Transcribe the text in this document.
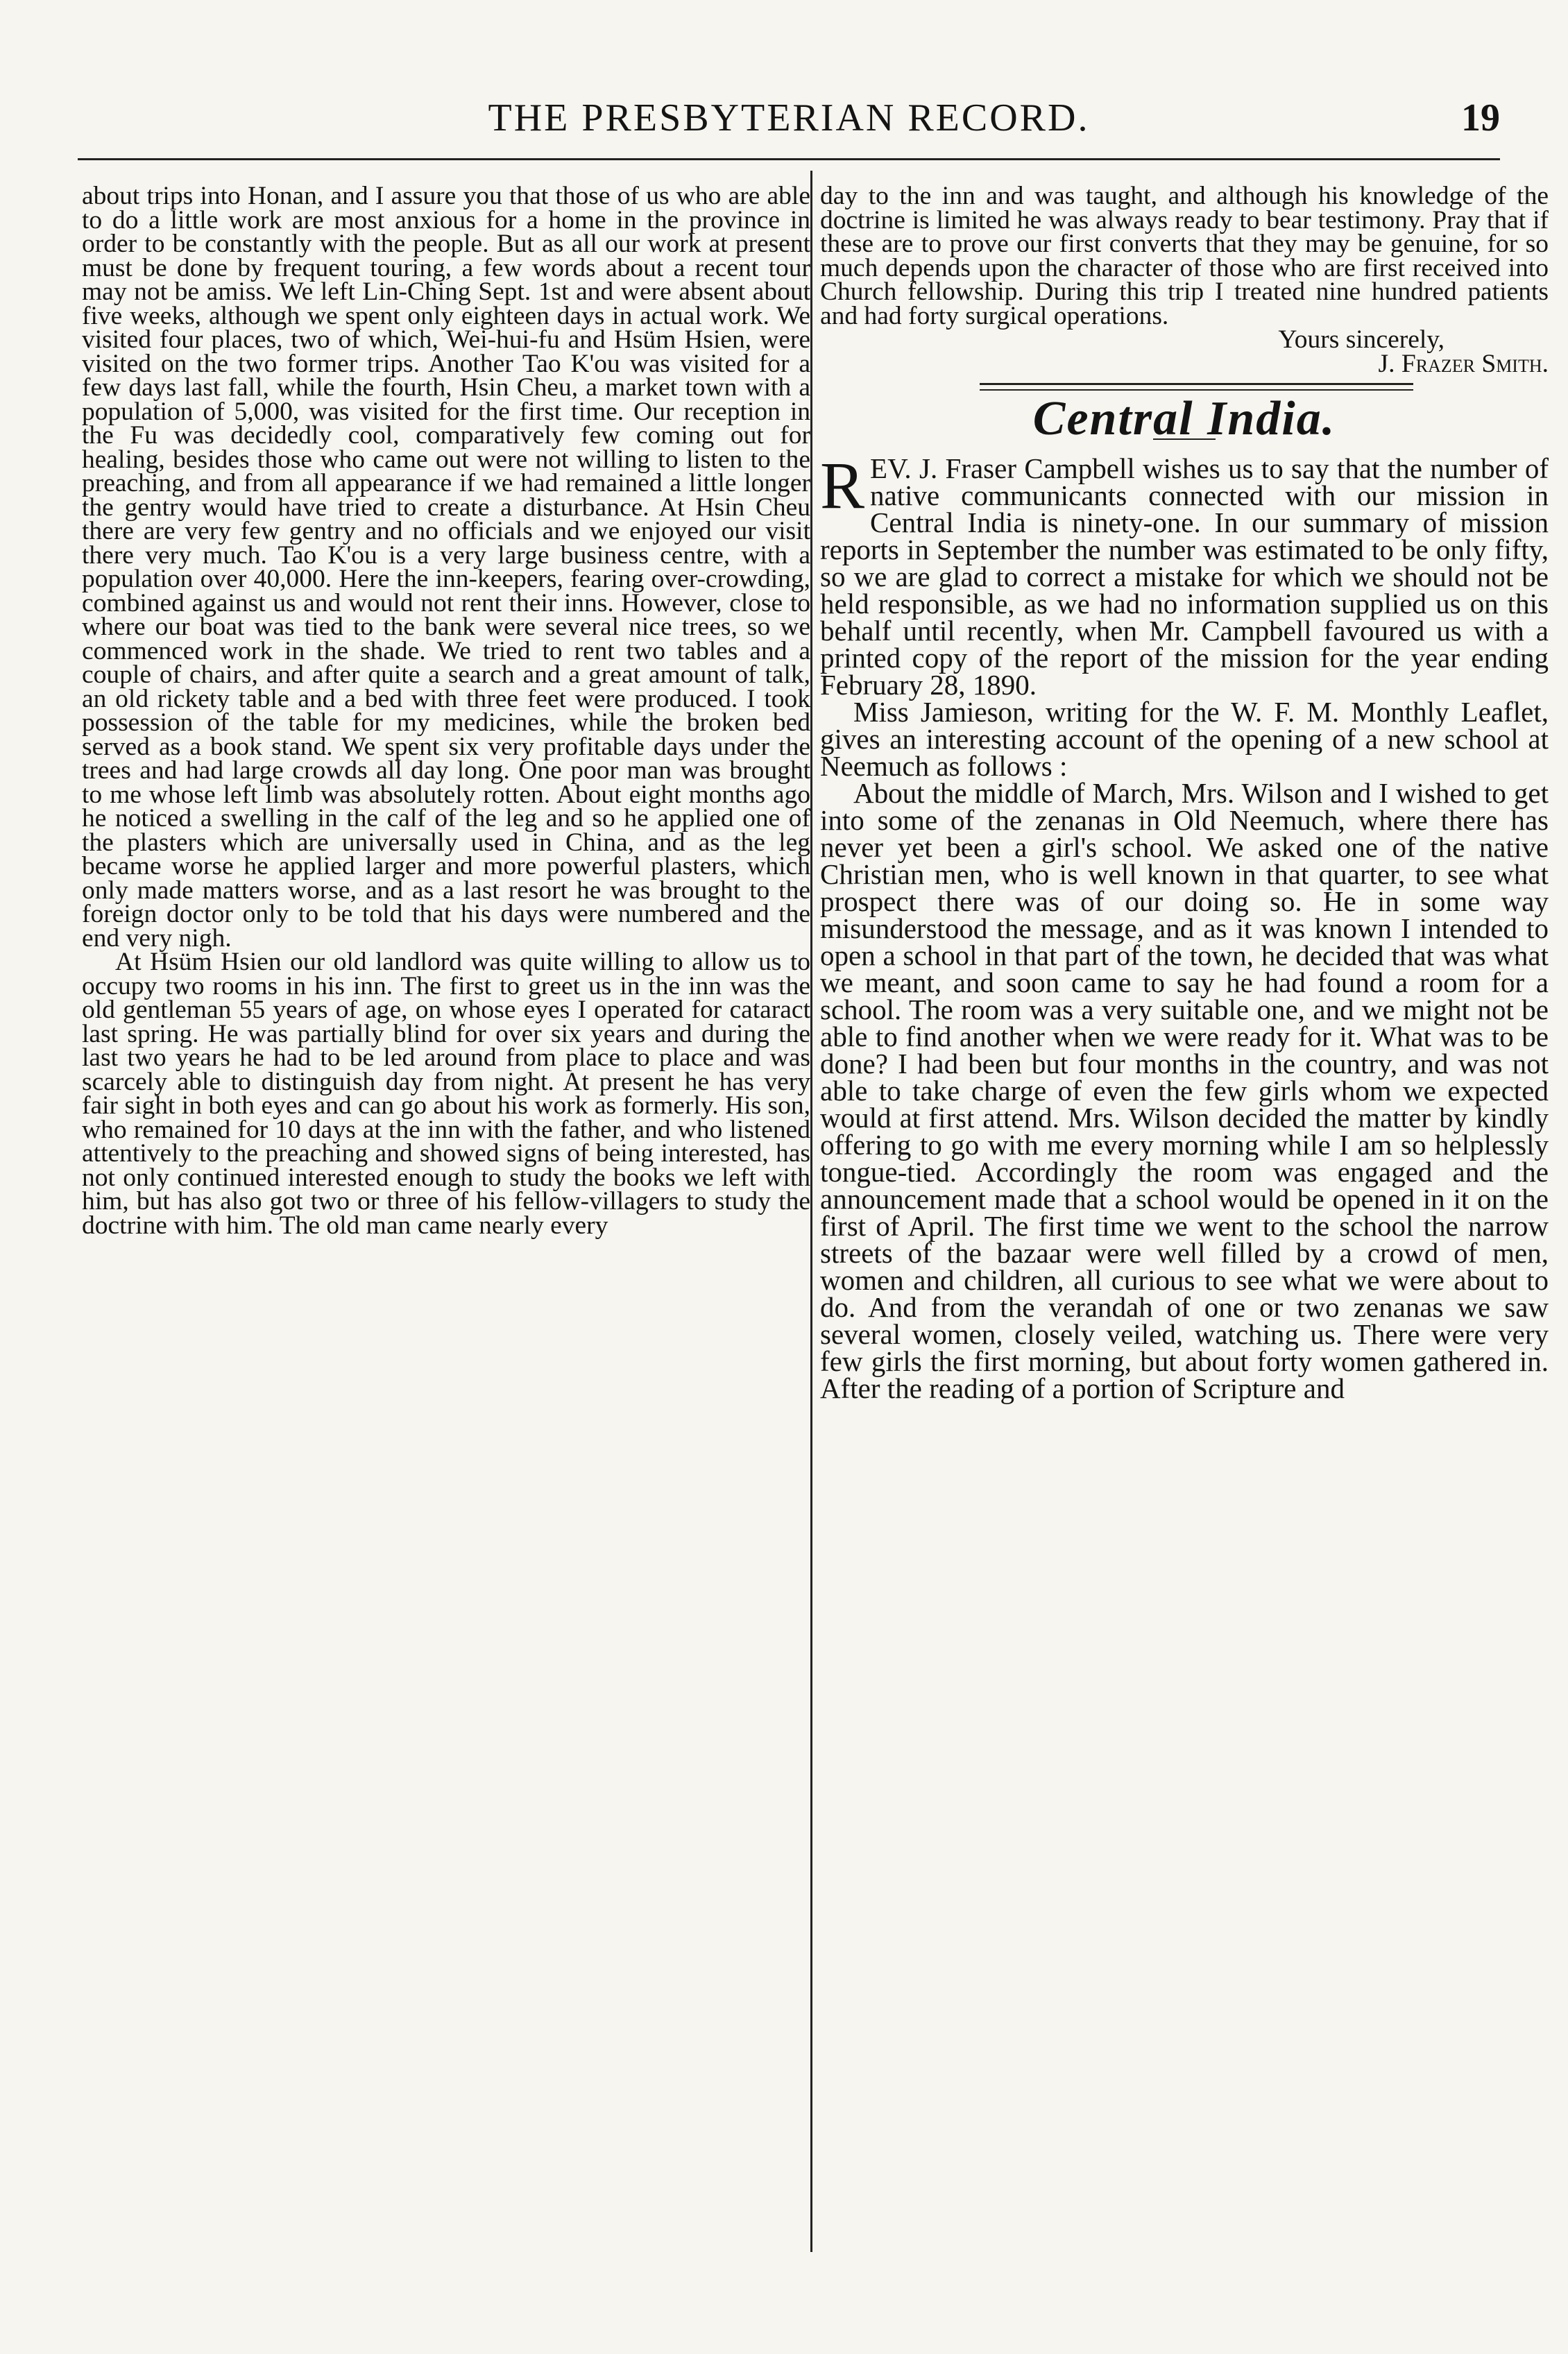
THE PRESBYTERIAN RECORD.	19

about trips into Honan, and I assure you that those of us who are able to do a little work are most anxious for a home in the province in order to be constantly with the people. But as all our work at present must be done by frequent touring, a few words about a recent tour may not be amiss. We left Lin-Ching Sept. 1st and were absent about five weeks, although we spent only eighteen days in actual work. We visited four places, two of which, Wei-hui-fu and Hsüm Hsien, were visited on the two former trips. Another Tao K'ou was visited for a few days last fall, while the fourth, Hsin Cheu, a market town with a population of 5,000, was visited for the first time. Our reception in the Fu was decidedly cool, comparatively few coming out for healing, besides those who came out were not willing to listen to the preaching, and from all appearance if we had remained a little longer the gentry would have tried to create a disturbance. At Hsin Cheu there are very few gentry and no officials and we enjoyed our visit there very much. Tao K'ou is a very large business centre, with a population over 40,000. Here the inn-keepers, fearing over-crowding, combined against us and would not rent their inns. However, close to where our boat was tied to the bank were several nice trees, so we commenced work in the shade. We tried to rent two tables and a couple of chairs, and after quite a search and a great amount of talk, an old rickety table and a bed with three feet were produced. I took possession of the table for my medicines, while the broken bed served as a book stand. We spent six very profitable days under the trees and had large crowds all day long. One poor man was brought to me whose left limb was absolutely rotten. About eight months ago he noticed a swelling in the calf of the leg and so he applied one of the plasters which are universally used in China, and as the leg became worse he applied larger and more powerful plasters, which only made matters worse, and as a last resort he was brought to the foreign doctor only to be told that his days were numbered and the end very nigh.

At Hsüm Hsien our old landlord was quite willing to allow us to occupy two rooms in his inn. The first to greet us in the inn was the old gentleman 55 years of age, on whose eyes I operated for cataract last spring. He was partially blind for over six years and during the last two years he had to be led around from place to place and was scarcely able to distinguish day from night. At present he has very fair sight in both eyes and can go about his work as formerly. His son, who remained for 10 days at the inn with the father, and who listened attentively to the preaching and showed signs of being interested, has not only continued interested enough to study the books we left with him, but has also got two or three of his fellow-villagers to study the doctrine with him. The old man came nearly every

day to the inn and was taught, and although his knowledge of the doctrine is limited he was always ready to bear testimony. Pray that if these are to prove our first converts that they may be genuine, for so much depends upon the character of those who are first received into Church fellowship. During this trip I treated nine hundred patients and had forty surgical operations.

Yours sincerely,

J. Frazer Smith.

Central India.

R EV. J. Fraser Campbell wishes us to say that the number of native communicants connected with our mission in Central India is ninety-one. In our summary of mission reports in September the number was estimated to be only fifty, so we are glad to correct a mistake for which we should not be held responsible, as we had no information supplied us on this behalf until recently, when Mr. Campbell favoured us with a printed copy of the report of the mission for the year ending February 28, 1890.

Miss Jamieson, writing for the W. F. M. Monthly Leaflet, gives an interesting account of the opening of a new school at Neemuch as follows :

About the middle of March, Mrs. Wilson and I wished to get into some of the zenanas in Old Neemuch, where there has never yet been a girl's school. We asked one of the native Christian men, who is well known in that quarter, to see what prospect there was of our doing so. He in some way misunderstood the message, and as it was known I intended to open a school in that part of the town, he decided that was what we meant, and soon came to say he had found a room for a school. The room was a very suitable one, and we might not be able to find another when we were ready for it. What was to be done? I had been but four months in the country, and was not able to take charge of even the few girls whom we expected would at first attend. Mrs. Wilson decided the matter by kindly offering to go with me every morning while I am so helplessly tongue-tied. Accordingly the room was engaged and the announcement made that a school would be opened in it on the first of April. The first time we went to the school the narrow streets of the bazaar were well filled by a crowd of men, women and children, all curious to see what we were about to do. And from the verandah of one or two zenanas we saw several women, closely veiled, watching us. There were very few girls the first morning, but about forty women gathered in. After the reading of a portion of Scripture and
